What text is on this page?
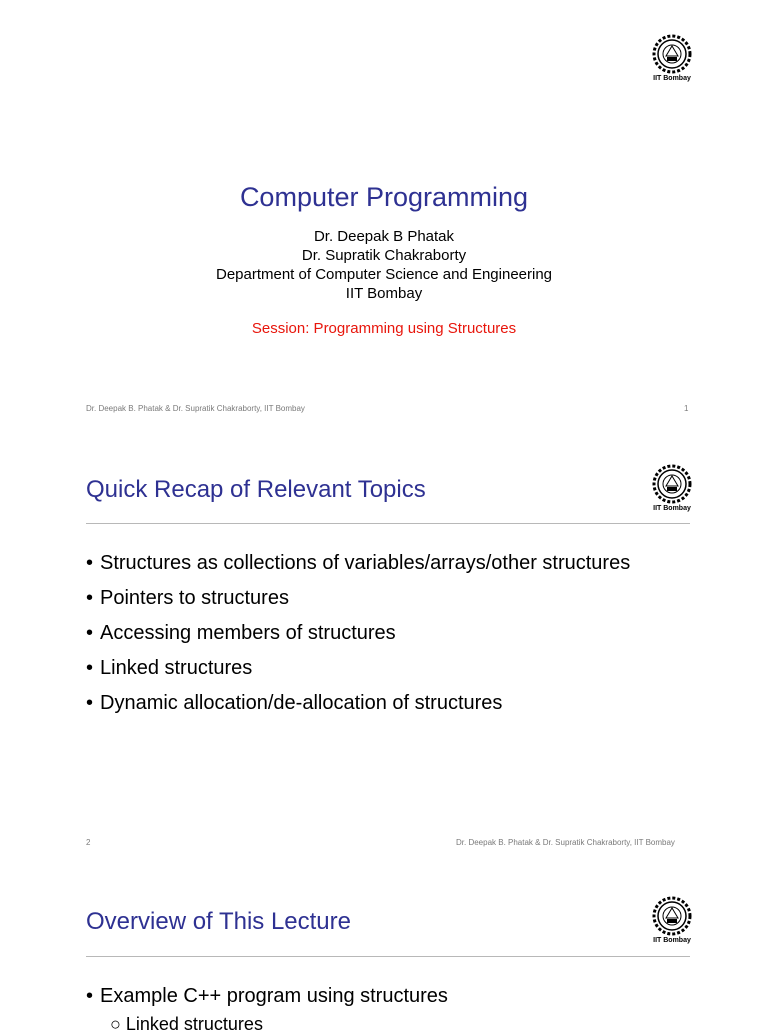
IIT Bombay
Computer Programming
Dr. Deepak B Phatak
Dr. Supratik Chakraborty
Department of Computer Science and Engineering
IIT Bombay
Session: Programming using Structures
Dr. Deepak B. Phatak & Dr. Supratik Chakraborty, IIT Bombay	1
Quick Recap of Relevant Topics
IIT Bombay
• Structures as collections of variables/arrays/other structures
• Pointers to structures
• Accessing members of structures
• Linked structures
• Dynamic allocation/de-allocation of structures
2	Dr. Deepak B. Phatak & Dr. Supratik Chakraborty, IIT Bombay
Overview of This Lecture
IIT Bombay
• Example C++ program using structures
○ Linked structures
